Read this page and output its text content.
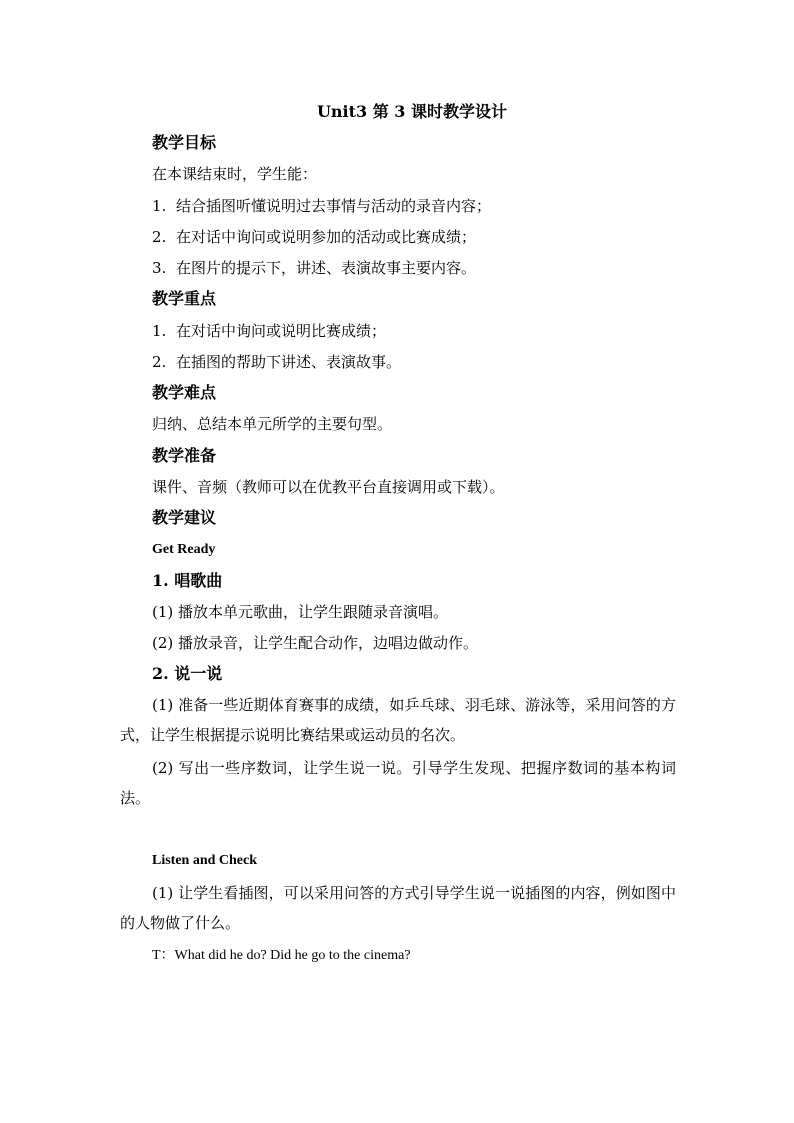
Unit3 第 3 课时教学设计
教学目标
在本课结束时，学生能：
1. 结合插图听懂说明过去事情与活动的录音内容；
2. 在对话中询问或说明参加的活动或比赛成绩；
3. 在图片的提示下，讲述、表演故事主要内容。
教学重点
1. 在对话中询问或说明比赛成绩；
2. 在插图的帮助下讲述、表演故事。
教学难点
归纳、总结本单元所学的主要句型。
教学准备
课件、音频（教师可以在优教平台直接调用或下载）。
教学建议
Get Ready
1. 唱歌曲
(1) 播放本单元歌曲，让学生跟随录音演唱。
(2) 播放录音，让学生配合动作，边唱边做动作。
2. 说一说
(1) 准备一些近期体育赛事的成绩，如乒乓球、羽毛球、游泳等，采用问答的方式，让学生根据提示说明比赛结果或运动员的名次。
(2) 写出一些序数词，让学生说一说。引导学生发现、把握序数词的基本构词法。
Listen and Check
(1) 让学生看插图，可以采用问答的方式引导学生说一说插图的内容，例如图中的人物做了什么。
T：What did he do? Did he go to the cinema?
